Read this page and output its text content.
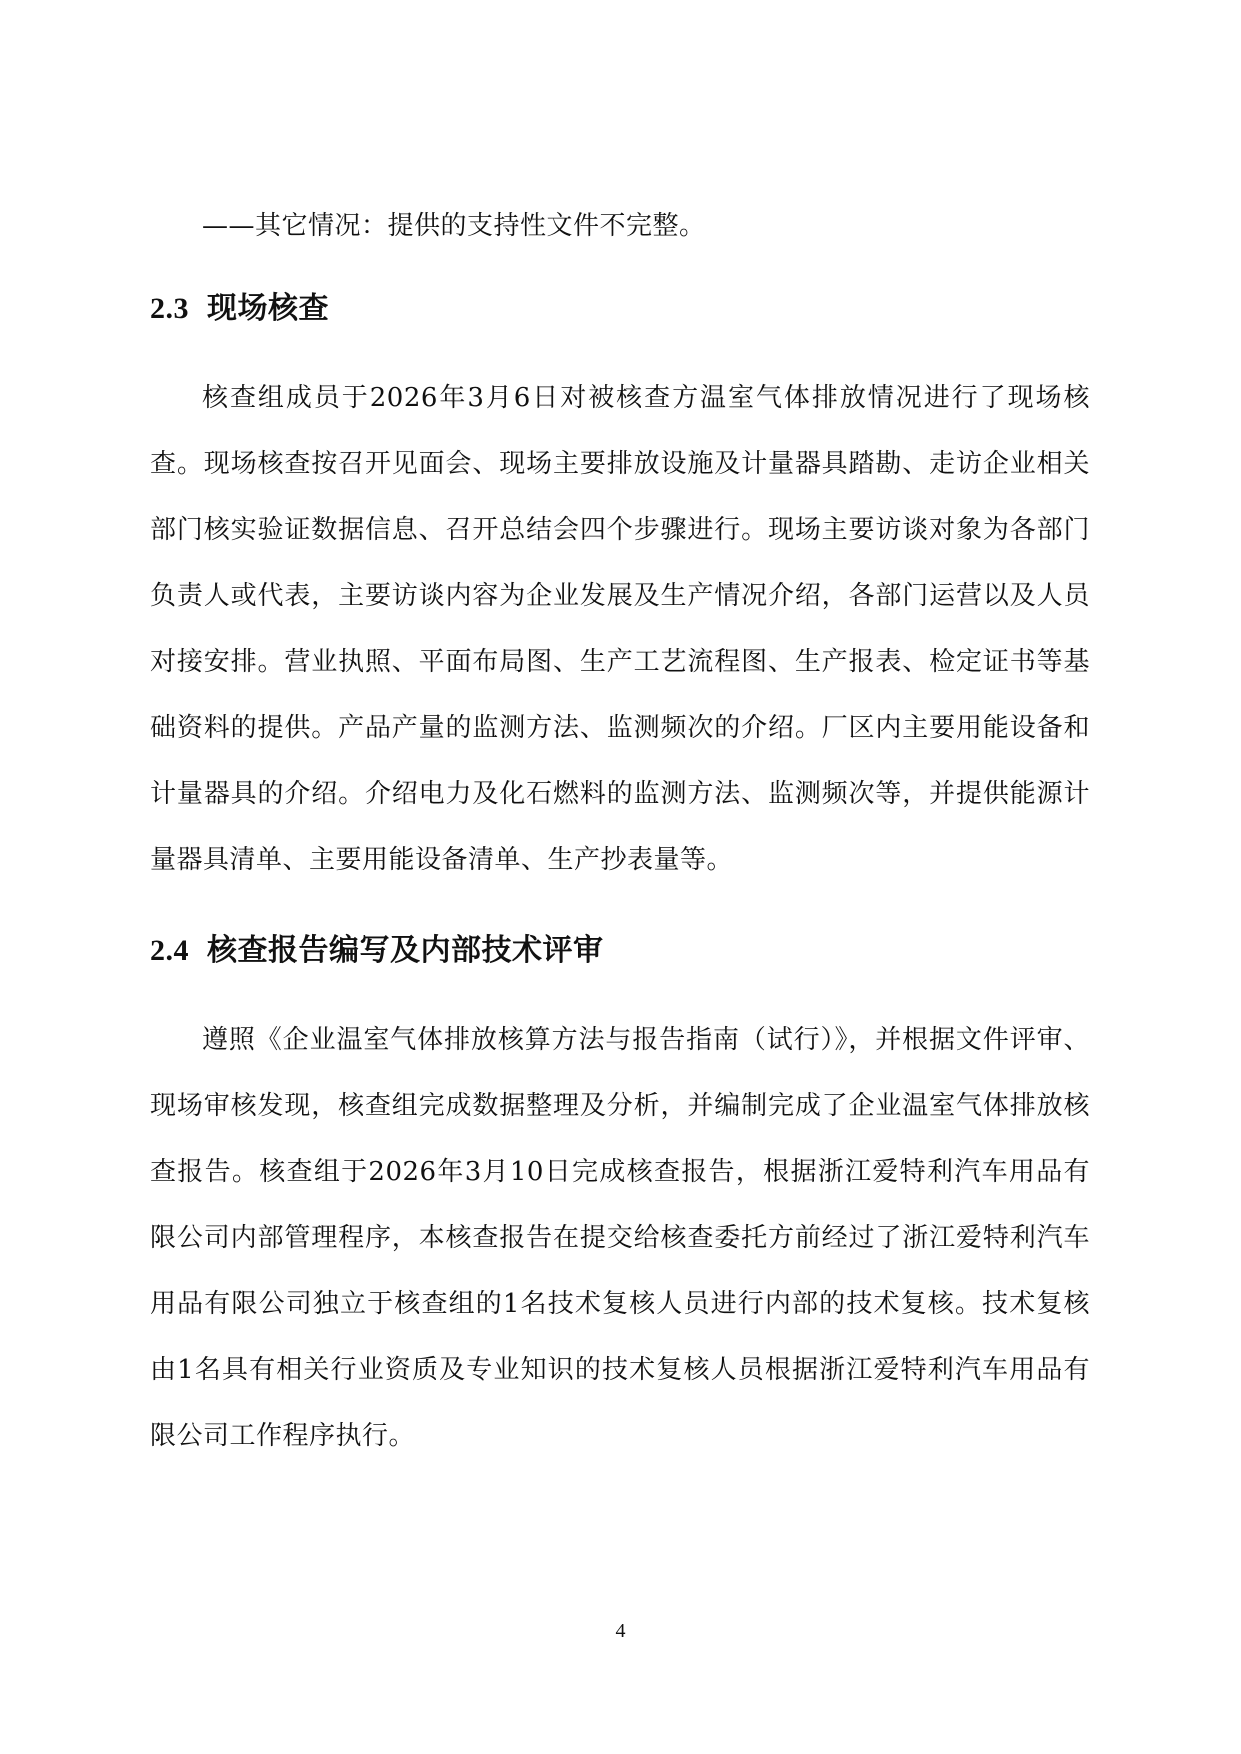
——其它情况：提供的支持性文件不完整。

2.3 现场核查

核查组成员于2026年3月6日对被核查方温室气体排放情况进行了现场核查。现场核查按召开见面会、现场主要排放设施及计量器具踏勘、走访企业相关部门核实验证数据信息、召开总结会四个步骤进行。现场主要访谈对象为各部门负责人或代表，主要访谈内容为企业发展及生产情况介绍，各部门运营以及人员对接安排。营业执照、平面布局图、生产工艺流程图、生产报表、检定证书等基础资料的提供。产品产量的监测方法、监测频次的介绍。厂区内主要用能设备和计量器具的介绍。介绍电力及化石燃料的监测方法、监测频次等，并提供能源计量器具清单、主要用能设备清单、生产抄表量等。

2.4 核查报告编写及内部技术评审

遵照《企业温室气体排放核算方法与报告指南（试行）》，并根据文件评审、现场审核发现，核查组完成数据整理及分析，并编制完成了企业温室气体排放核查报告。核查组于2026年3月10日完成核查报告，根据浙江爱特利汽车用品有限公司内部管理程序，本核查报告在提交给核查委托方前经过了浙江爱特利汽车用品有限公司独立于核查组的1名技术复核人员进行内部的技术复核。技术复核由1名具有相关行业资质及专业知识的技术复核人员根据浙江爱特利汽车用品有限公司工作程序执行。

4
